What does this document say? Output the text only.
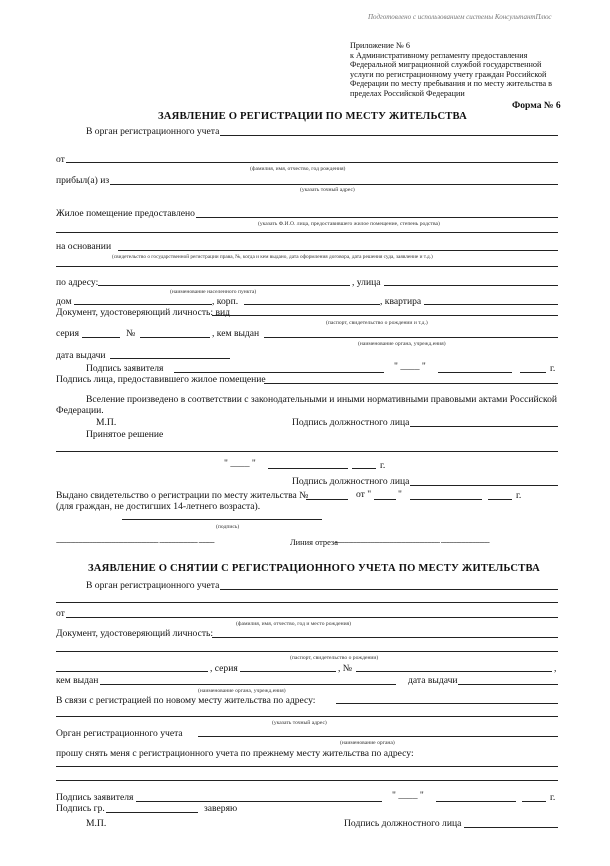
Подготовлено с использованием системы КонсультантПлюс
Приложение № 6
к Административному регламенту предоставления
Федеральной миграционной службой государственной
услуги по регистрационному учету граждан Российской
Федерации по месту пребывания и по месту жительства в
пределах Российской Федерации
Форма № 6
ЗАЯВЛЕНИЕ О РЕГИСТРАЦИИ ПО МЕСТУ ЖИТЕЛЬСТВА
В орган регистрационного учета
от
(фамилия, имя, отчество, год рождения)
прибыл(а) из
(указать точный адрес)
Жилое помещение предоставлено
(указать Ф.И.О. лица, предоставившего жилое помещение, степень родства)
на основании
(свидетельство о государственной регистрации права, №, когда и кем выдано, дата оформления договора, дата решения суда, заявление и т.д.)
по адресу:	, улица
(наименование населенного пункта)
дом	, корп.	, квартира
Документ, удостоверяющий личность: вид
(паспорт, свидетельство о рождении и т.д.)
серия	№	, кем выдан
(наименование органа, учрежд.ения)
дата выдачи
Подпись заявителя	" ____ "	г.
Подпись лица, предоставившего жилое помещение
Вселение произведено в соответствии с законодательными и иными нормативными правовыми актами Российской
Федерации.
М.П.	Подпись должностного лица
Принятое решение
" ____ "	г.
Подпись должностного лица
Выдано свидетельство о регистрации по месту жительства №	от "	"	г.
(для граждан, не достигших 14-летнего возраста).
(подпись)
----------------------------------------------------------- ---------------------- ---------	Линия отреза
------------------------------------------------------------- ----------------------------
ЗАЯВЛЕНИЕ О СНЯТИИ С РЕГИСТРАЦИОННОГО УЧЕТА ПО МЕСТУ ЖИТЕЛЬСТВА
В орган регистрационного учета
от
(фамилия, имя, отчество, год и место рождения)
Документ, удостоверяющий личность:
(паспорт, свидетельство о рождении)
, серия	, №	,
кем выдан	дата выдачи
(наименование органа, учрежд.ения)
В связи с регистрацией по новому месту жительства по адресу:
(указать точный адрес)
Орган регистрационного учета
(наименование органа)
прошу снять меня с регистрационного учета по прежнему месту жительства по адресу:
Подпись заявителя	" ____ "	г.
Подпись гр.	заверяю
М.П.	Подпись должностного лица
